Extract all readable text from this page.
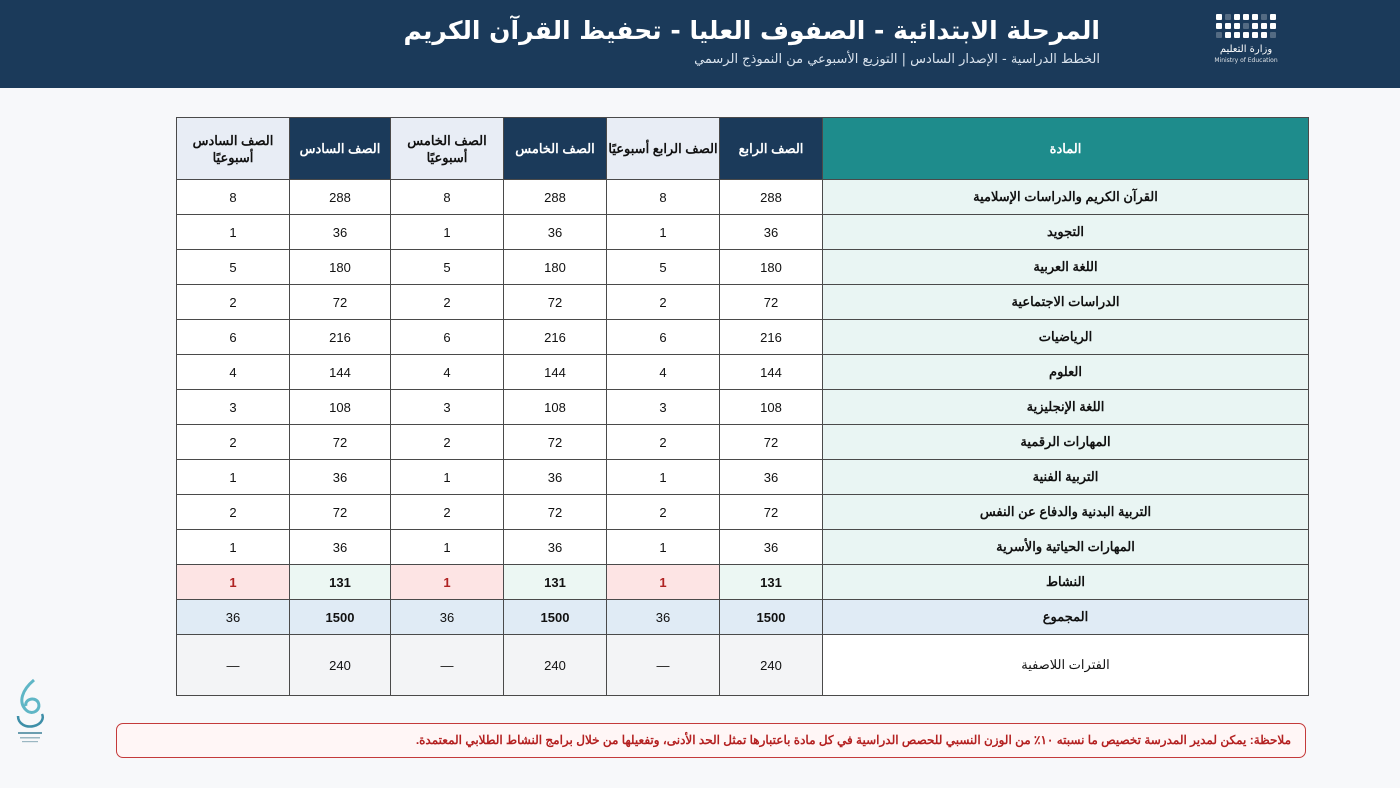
وزارة التعليم
Ministry of Education
المرحلة الابتدائية - الصفوف العليا - تحفيظ القرآن الكريم
الخطط الدراسية - الإصدار السادس | التوزيع الأسبوعي من النموذج الرسمي
المادة	الصف الرابع	الصف الرابع أسبوعيًا	الصف الخامس	الصف الخامس أسبوعيًا	الصف السادس	الصف السادس أسبوعيًا
القرآن الكريم والدراسات الإسلامية	288	8	288	8	288	8
التجويد	36	1	36	1	36	1
اللغة العربية	180	5	180	5	180	5
الدراسات الاجتماعية	72	2	72	2	72	2
الرياضيات	216	6	216	6	216	6
العلوم	144	4	144	4	144	4
اللغة الإنجليزية	108	3	108	3	108	3
المهارات الرقمية	72	2	72	2	72	2
التربية الفنية	36	1	36	1	36	1
التربية البدنية والدفاع عن النفس	72	2	72	2	72	2
المهارات الحياتية والأسرية	36	1	36	1	36	1
النشاط	131	1	131	1	131	1
المجموع	1500	36	1500	36	1500	36
الفترات اللاصفية	240	—	240	—	240	—
ملاحظة: يمكن لمدير المدرسة تخصيص ما نسبته ١٠٪ من الوزن النسبي للحصص الدراسية في كل مادة باعتبارها تمثل الحد الأدنى، وتفعيلها من خلال برامج النشاط الطلابي المعتمدة.
